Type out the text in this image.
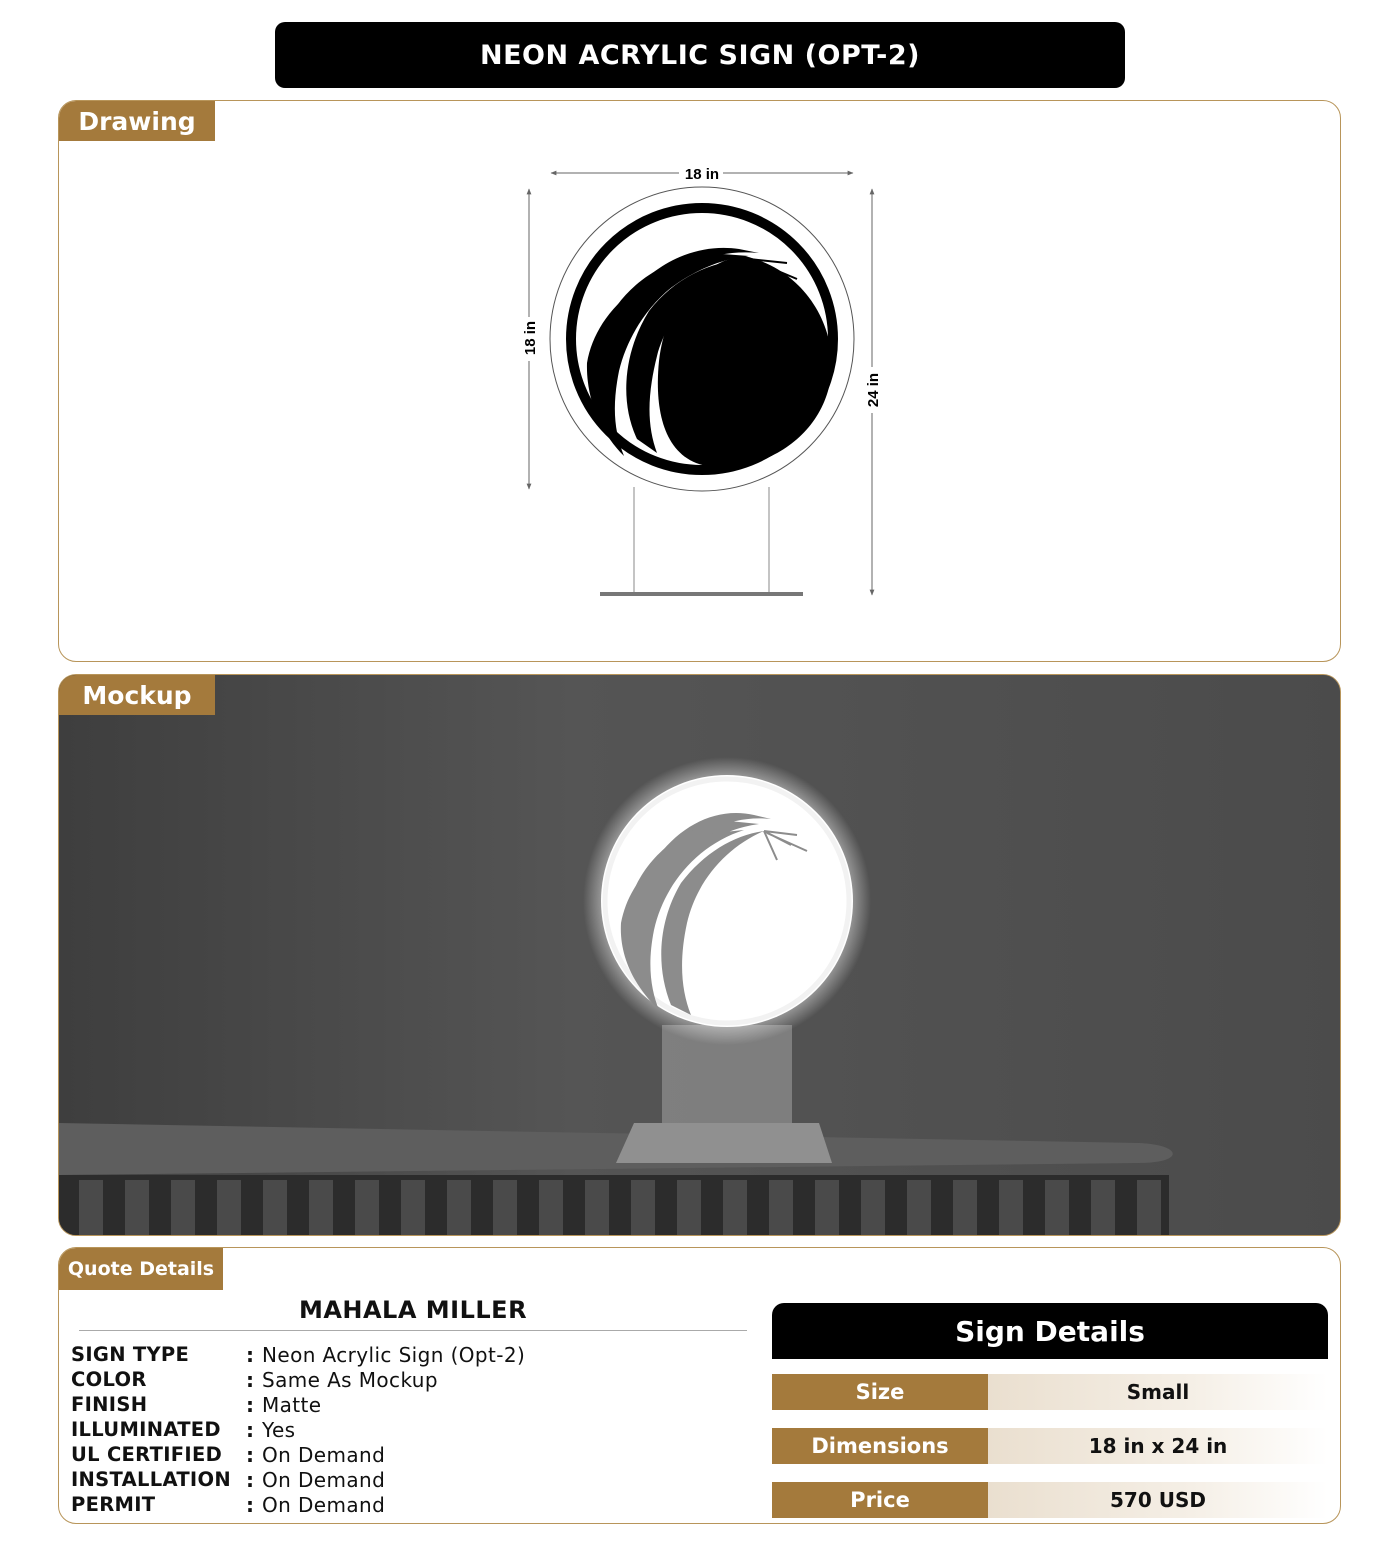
NEON ACRYLIC SIGN (OPT-2)
Drawing
18 in
18 in
24 in
Mockup
Quote Details
MAHALA MILLER
SIGN TYPE	: Neon Acrylic Sign (Opt-2)
COLOR	: Same As Mockup
FINISH	: Matte
ILLUMINATED	: Yes
UL CERTIFIED	: On Demand
INSTALLATION : On Demand
PERMIT	: On Demand
Sign Details
Size	Small
Dimensions	18 in x 24 in
Price	570 USD
